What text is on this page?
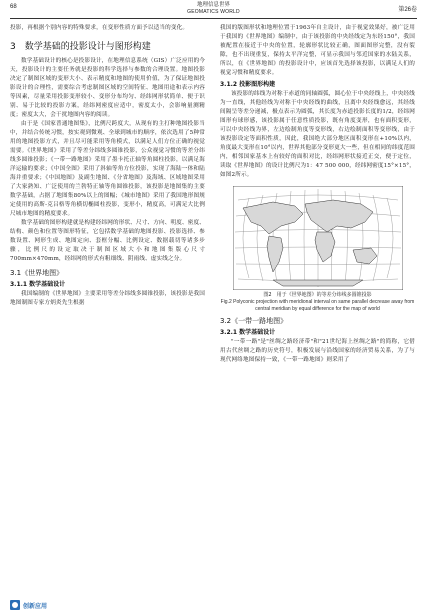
68	地理信息世界
GEOMATICS WORLD	第26卷

投影，再根据个别内容的特殊要求，在变形性质方面予以适当的变化。

3　数学基础的投影设计与图形构建

数学基础设计的核心是投影设计，在地理信息系统（GIS）广泛应用的今天，投影设计的主要任务就是投影的科学选择与参数的合理设置。地图投影决定了制图区域的变形大小、表示精度和地图的使用价值，为了保证地图投影设计的合理性，需要综合考虑制图区域的空间特征、地图用途和表示内容等因素，尽量采用投影变形较小、变形分布均匀、经纬网形状简单、便于识别、易于比较的投影方案，经纬网密度应适中，密度太小，会影响量测精度；密度太大，会干扰地图内容的阅读。

由于是《国家普通地图集》，比例尺跨度大，从现有的主打种地图投影当中，并结合传统习惯，按实观到微观、全球到城市的顺序，依次选用了5种常用的地图投影方式，并且尽可能采用等角模式，以满足人们方位正确的视觉需要。《世界地图》采用了等差分纬线多圆锥投影，公众视觉习惯的等差分纬线多圆锥投影；《一带一路地图》采用了墨卡托正轴等角圆柱投影，以满足海洋运输的要求；《中国全图》采用了斜轴等角方位投影，实现了海陆一体和陆海并重要求；《中国地图》及副生地图、《分省地图》及海域、区域地图采用了大家熟知、广泛使用的兰勃特正轴等角圆锥投影，该投影是地图集的主要数学基础，占据了地图集80%以上的图幅；《城市地图》采用了我国地形图规定使用的高斯-克吕格等角横切椭圆柱投影，变形小，精度高，可满足大比例尺城市地图的精度要求。

数学基础的图形构建就是构建经纬网的形状、尺寸、方向、明度、密度、结构、颜色和位置等图形特征，它包括数学基础的地图投影、投影选择、参数设置、网形生成、地图定向、套框分幅、比例设定、数据载切等诸多步骤，比例尺的设定取决于制图区域大小和地图集版心尺寸700mm×470mm，经纬网的形式有粗细线、阴雨线、虚实线之分。

3.1《世界地图》
3.1.1 数学基础设计

我国编制的《世界地图》主要采用等差分纬线多圆锥投影，该投影是我国地图制图专家方炳炎先生根据

我国的版图形状和地理位置于1963年自主设计，由于视觉效果好，被广泛用于我国的《世界地图》编制中，由于该投影的中央经线定为东经150°，我国被配置在接近于中央的位置，轮廓形状比较正确，图面图形完整，没有裂隙，也不出现重复，保持太平洋完整，可显示我国与邻近国家的水陆关系，所以，在《世界地图》的投影设计中，应该首先选择该投影，以满足人们的视觉习惯和精度要求。

3.1.2 投影图形构建

该投影的纬线为对称于赤道的同轴圆弧，圆心位于中央经线上，中央经线为一直线，其他经线为对称于中央经线的曲线，且离中央经线愈远，其经线间隔呈等差分递减，极点表示为圆弧，其长度为赤道投影长度的1/2，经纬网图形有球形感，该投影属于任意性质投影，既有角度变形，也有面积变形，可以中央经线为界，左边绘制角度等变形线，右边绘制面积等变形线，由于该投影设定等面积性质，因此，我国绝大部分地区面积变形在+10%以内，角度最大变形在10°以内，世界其他部分变形更大一些，但在相同的纬度范围内，相邻国家基本上有较好的面积对比，经纬网形状接近正交，便于定位，读取《世界地图》的设计比例尺为1：47 500 000，经纬网密度15°×15°，如图2所示。

图2　用于《世界地图》的等差分纬线多圆锥投影
Fig.2 Polyconic projection with meridional interval on same parallel decrease away from central meridian by equal difference for the map of world
3.2《一带一路地图》
3.2.1 数学基础设计

"一带一路"是"丝绸之路经济带"和"21世纪海上丝绸之路"的简称，它借用古代丝绸之路的历史符号，积极发展与沿线国家的经济贸易关系，为了与现代网络地图保持一致，《一带一路地图》则采用了

创新应用
